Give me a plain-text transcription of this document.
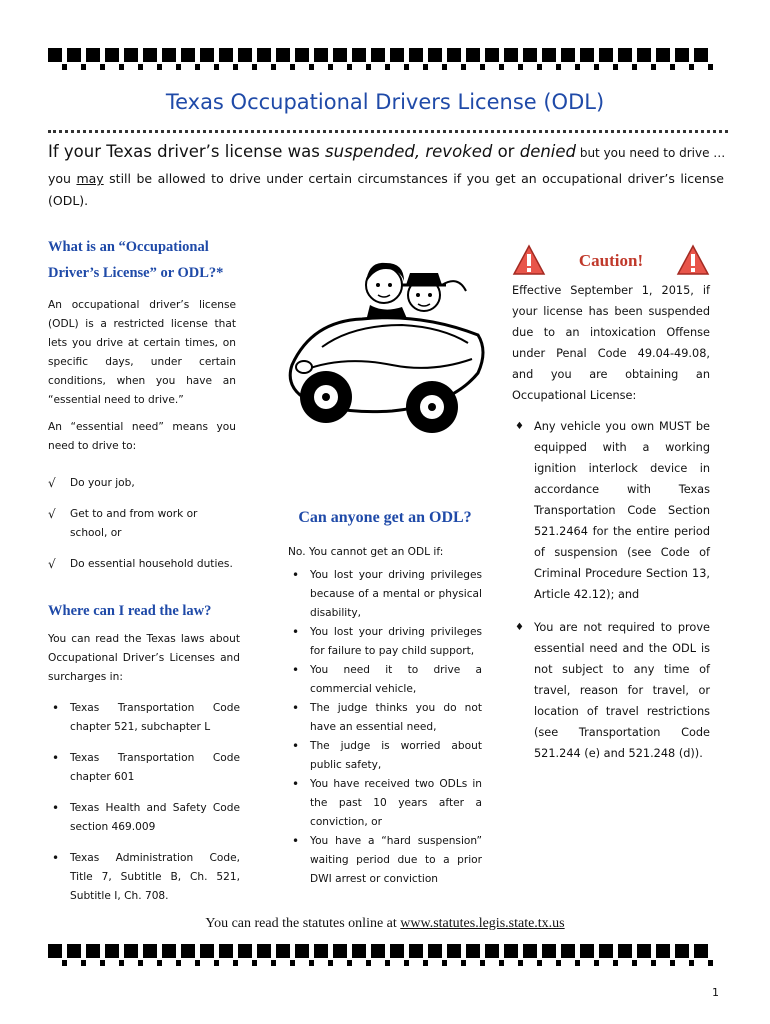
Texas Occupational Drivers License (ODL)
If your Texas driver’s license was suspended, revoked or denied but you need to drive …
you may still be allowed to drive under certain circumstances if you get an occupational driver’s license (ODL).
What is an “Occupational
Driver’s License” or ODL?*

An occupational driver’s license (ODL) is a restricted license that lets you drive at certain times, on specific days, under certain conditions, when you have an “essential need to drive.”

An “essential need” means you need to drive to:

√ Do your job,
√ Get to and from work or school, or
√ Do essential household duties.
Where can I read the law?

You can read the Texas laws about Occupational Driver’s Licenses and surcharges in:

• Texas Transportation Code chapter 521, subchapter L
• Texas Transportation Code chapter 601
• Texas Health and Safety Code section 469.009
• Texas Administration Code, Title 7, Subtitle B, Ch. 521, Subtitle I, Ch. 708.
Can anyone get an ODL?

No. You cannot get an ODL if:

• You lost your driving privileges because of a mental or physical disability,
• You lost your driving privileges for failure to pay child support,
• You need it to drive a commercial vehicle,
• The judge thinks you do not have an essential need,
• The judge is worried about public safety,
• You have received two ODLs in the past 10 years after a conviction, or
• You have a “hard suspension” waiting period due to a prior DWI arrest or conviction
Caution!

Effective September 1, 2015, if your license has been suspended due to an intoxication Offense under Penal Code 49.04-49.08, and you are obtaining an Occupational License:

♦ Any vehicle you own MUST be equipped with a working ignition interlock device in accordance with Texas Transportation Code Section 521.2464 for the entire period of suspension (see Code of Criminal Procedure Section 13, Article 42.12); and
♦ You are not required to prove essential need and the ODL is not subject to any time of travel, reason for travel, or location of travel restrictions (see Transportation Code 521.244 (e) and 521.248 (d)).
You can read the statutes online at www.statutes.legis.state.tx.us
1
